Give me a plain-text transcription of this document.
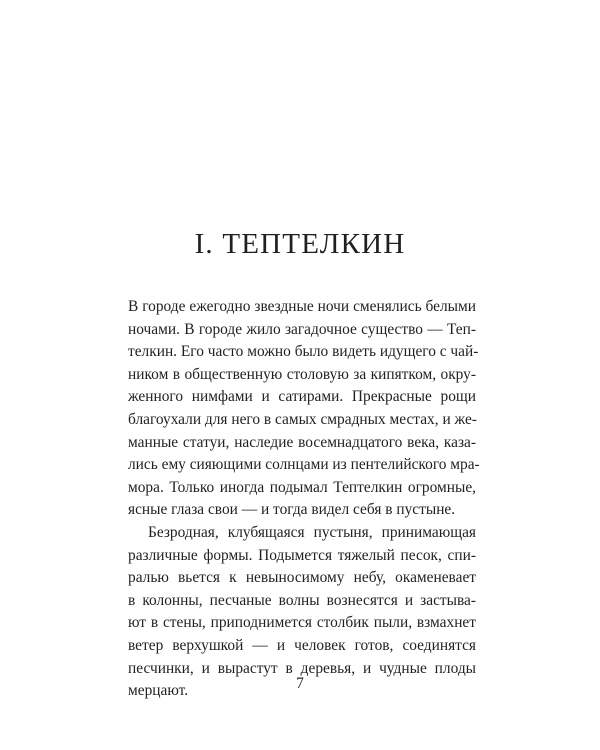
I. ТЕПТЕЛКИН
В городе ежегодно звездные ночи сменялись белыми
ночами. В городе жило загадочное существо — Теп-
телкин. Его часто можно было видеть идущего с чай-
ником в общественную столовую за кипятком, окру-
женного нимфами и сатирами. Прекрасные рощи
благоухали для него в самых смрадных местах, и же-
манные статуи, наследие восемнадцатого века, каза-
лись ему сияющими солнцами из пентелийского мра-
мора. Только иногда подымал Тептелкин огромные,
ясные глаза свои — и тогда видел себя в пустыне.
Безродная, клубящаяся пустыня, принимающая
различные формы. Подымется тяжелый песок, спи-
ралью вьется к невыносимому небу, окаменевает
в колонны, песчаные волны вознесятся и застыва-
ют в стены, приподнимется столбик пыли, взмахнет
ветер верхушкой — и человек готов, соединятся
песчинки, и вырастут в деревья, и чудные плоды
мерцают.	7
